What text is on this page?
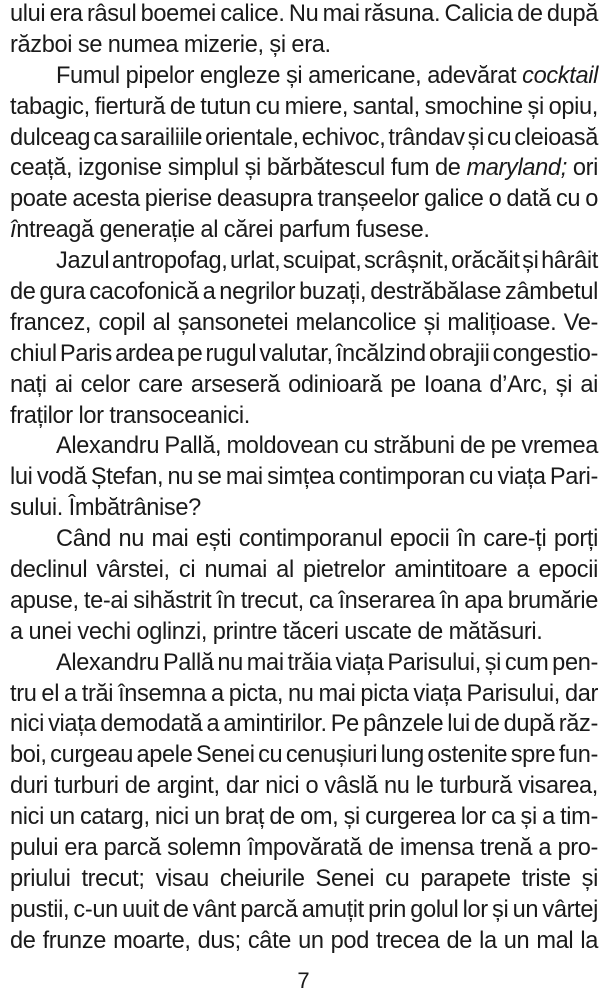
ului era râsul boemei calice. Nu mai răsuna. Calicia de după
război se numea mizerie, și era.
Fumul pipelor engleze și americane, adevărat cocktail
tabagic, fiertură de tutun cu miere, santal, smochine și opiu,
dulceag ca sarailiile orientale, echivoc, trândav și cu cleioasă
ceață, izgonise simplul și bărbătescul fum de maryland; ori
poate acesta pierise deasupra tranșeelor galice o dată cu o
întreagă generație al cărei parfum fusese.
Jazul antropofag, urlat, scuipat, scrâșnit, orăcăit și hârâit
de gura cacofonică a negrilor buzați, destrăbălase zâmbetul
francez, copil al șansonetei melancolice și malițioase. Ve-
chiul Paris ardea pe rugul valutar, încălzind obrajii congestio-
nați ai celor care arseseră odinioară pe Ioana d’Arc, și ai
fraților lor transoceanici.
Alexandru Pallă, moldovean cu străbuni de pe vremea
lui vodă Ștefan, nu se mai simțea contimporan cu viața Pari-
sului. Îmbătrânise?
Când nu mai ești contimporanul epocii în care-ți porți
declinul vârstei, ci numai al pietrelor amintitoare a epocii
apuse, te-ai sihăstrit în trecut, ca înserarea în apa brumărie
a unei vechi oglinzi, printre tăceri uscate de mătăsuri.
Alexandru Pallă nu mai trăia viața Parisului, și cum pen-
tru el a trăi însemna a picta, nu mai picta viața Parisului, dar
nici viața demodată a amintirilor. Pe pânzele lui de după răz-
boi, curgeau apele Senei cu cenușiuri lung ostenite spre fun-
duri turburi de argint, dar nici o vâslă nu le turbură visarea,
nici un catarg, nici un braț de om, și curgerea lor ca și a tim-
pului era parcă solemn împovărată de imensa trenă a pro-
priului trecut; visau cheiurile Senei cu parapete triste și
pustii, c-un uuit de vânt parcă amuțit prin golul lor și un vârtej
de frunze moarte, dus; câte un pod trecea de la un mal la
7
